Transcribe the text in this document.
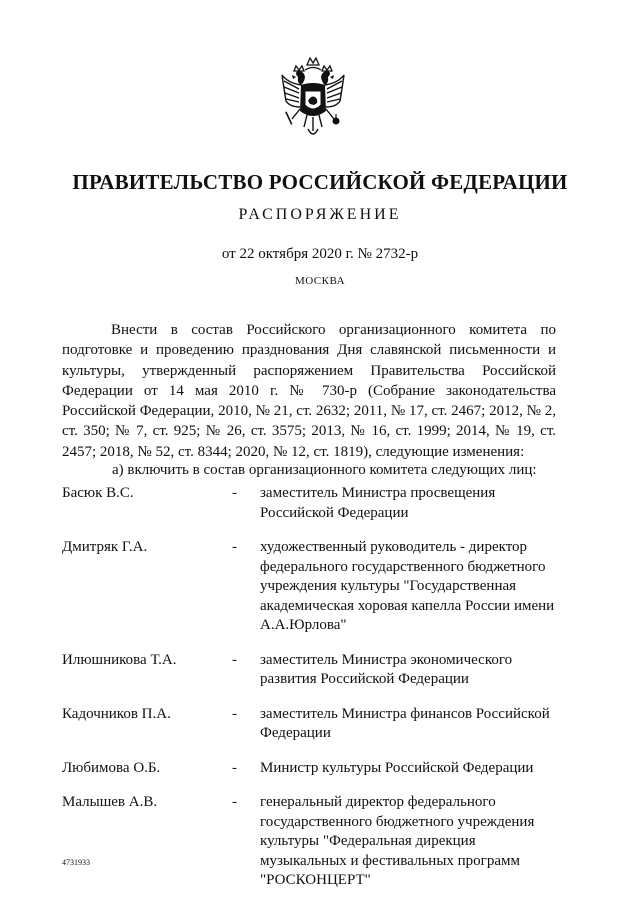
ПРАВИТЕЛЬСТВО РОССИЙСКОЙ ФЕДЕРАЦИИ
РАСПОРЯЖЕНИЕ
от 22 октября 2020 г. № 2732-р
МОСКВА

Внести в состав Российского организационного комитета по подготовке и проведению празднования Дня славянской письменности и культуры, утвержденный распоряжением Правительства Российской Федерации от 14 мая 2010 г. № 730-р (Собрание законодательства Российской Федерации, 2010, № 21, ст. 2632; 2011, № 17, ст. 2467; 2012, № 2, ст. 350; № 7, ст. 925; № 26, ст. 3575; 2013, № 16, ст. 1999; 2014, № 19, ст. 2457; 2018, № 52, ст. 8344; 2020, № 12, ст. 1819), следующие изменения:

а) включить в состав организационного комитета следующих лиц:

Басюк В.С.	-	заместитель Министра просвещения Российской Федерации
Дмитряк Г.А.	-	художественный руководитель - директор федерального государственного бюджетного учреждения культуры "Государственная академическая хоровая капелла России имени А.А.Юрлова"
Илюшникова Т.А.	-	заместитель Министра экономического развития Российской Федерации
Кадочников П.А.	-	заместитель Министра финансов Российской Федерации
Любимова О.Б.	-	Министр культуры Российской Федерации
Малышев А.В.	-	генеральный директор федерального государственного бюджетного учреждения культуры "Федеральная дирекция музыкальных и фестивальных программ "РОСКОНЦЕРТ"
4731933
